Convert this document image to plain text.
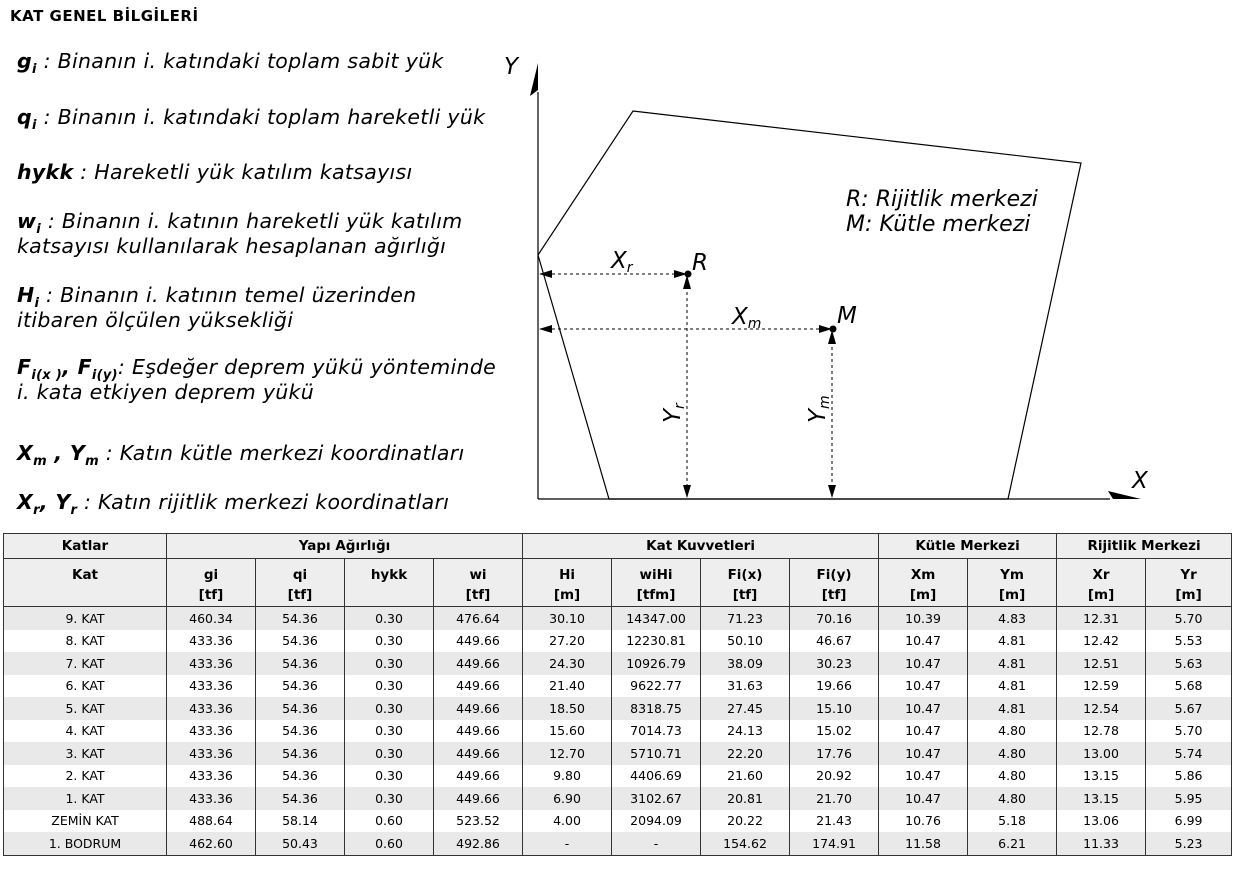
KAT GENEL BİLGİLERİ
$g_i$ : Binanın i. katındaki toplam sabit yük
$q_i$ : Binanın i. katındaki toplam hareketli yük
hykk : Hareketli yük katılım katsayısı
$w_i$ : Binanın i. katının hareketli yük katılım
katsayısı kullanılarak hesaplanan ağırlığı
$H_i$ : Binanın i. katının temel üzerinden
itibaren ölçülen yüksekliği
$F_{i(x )}$, $F_{i(y)}$: Eşdeğer deprem yükü yönteminde
i. kata etkiyen deprem yükü
$X_m$ , $Y_m$ : Katın kütle merkezi koordinatları
$X_r$, $Y_r$ : Katın rijitlik merkezi koordinatları
Y
X
R: Rijitlik merkezi
M: Kütle merkezi
R
M
Xr
Xm
Yr
Ym
Katlar	Yapı Ağırlığı				Kat Kuvvetleri				Kütle Merkezi		Rijitlik Merkezi	
Kat	gi	qi	hykk	wi	Hi	wiHi	Fi(x)	Fi(y)	Xm	Ym	Xr	Yr
	[tf]	[tf]		[tf]	[m]	[tfm]	[tf]	[tf]	[m]	[m]	[m]	[m]
9. KAT	460.34	54.36	0.30	476.64	30.10	14347.00	71.23	70.16	10.39	4.83	12.31	5.70
8. KAT	433.36	54.36	0.30	449.66	27.20	12230.81	50.10	46.67	10.47	4.81	12.42	5.53
7. KAT	433.36	54.36	0.30	449.66	24.30	10926.79	38.09	30.23	10.47	4.81	12.51	5.63
6. KAT	433.36	54.36	0.30	449.66	21.40	9622.77	31.63	19.66	10.47	4.81	12.59	5.68
5. KAT	433.36	54.36	0.30	449.66	18.50	8318.75	27.45	15.10	10.47	4.81	12.54	5.67
4. KAT	433.36	54.36	0.30	449.66	15.60	7014.73	24.13	15.02	10.47	4.80	12.78	5.70
3. KAT	433.36	54.36	0.30	449.66	12.70	5710.71	22.20	17.76	10.47	4.80	13.00	5.74
2. KAT	433.36	54.36	0.30	449.66	9.80	4406.69	21.60	20.92	10.47	4.80	13.15	5.86
1. KAT	433.36	54.36	0.30	449.66	6.90	3102.67	20.81	21.70	10.47	4.80	13.15	5.95
ZEMİN KAT	488.64	58.14	0.60	523.52	4.00	2094.09	20.22	21.43	10.76	5.18	13.06	6.99
1. BODRUM	462.60	50.43	0.60	492.86	-	-	154.62	174.91	11.58	6.21	11.33	5.23
